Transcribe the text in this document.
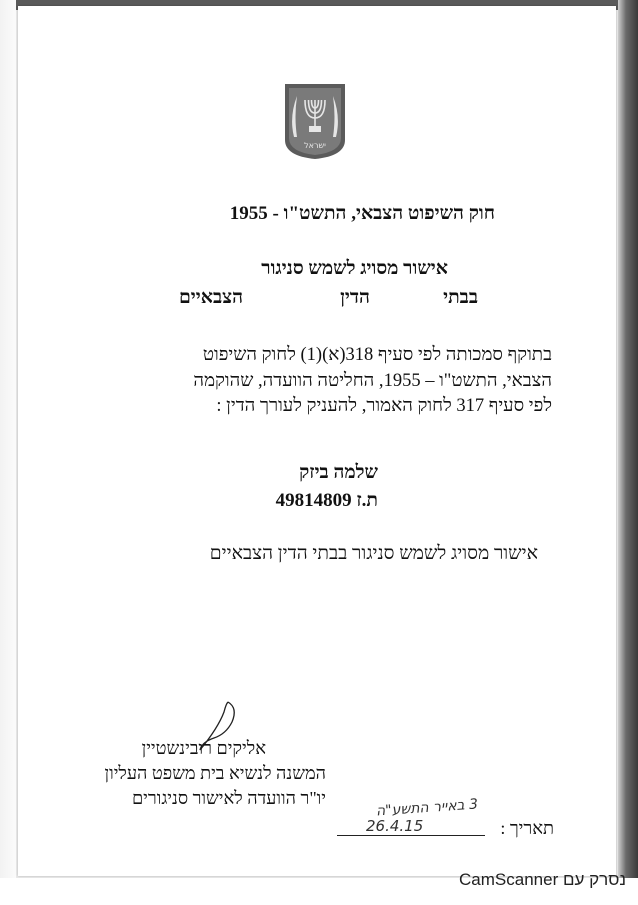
ישראל
חוק השיפוט הצבאי, התשט"ו - 1955
אישור מסויג לשמש סניגור
בבתי
הדין
הצבאיים
בתוקף סמכותה לפי סעיף 318(א)(1) לחוק השיפוט
הצבאי, התשט"ו – 1955, החליטה הוועדה, שהוקמה
לפי סעיף 317 לחוק האמור, להעניק לעורך הדין :
שלמה ביזק
ת.ז 49814809
אישור מסויג לשמש סניגור בבתי הדין הצבאיים
אליקים רובינשטיין
המשנה לנשיא בית משפט העליון
יו"ר הוועדה לאישור סניגורים
תאריך :
3 באייר התשע"ה
26.4.15
נסרק עם CamScanner
